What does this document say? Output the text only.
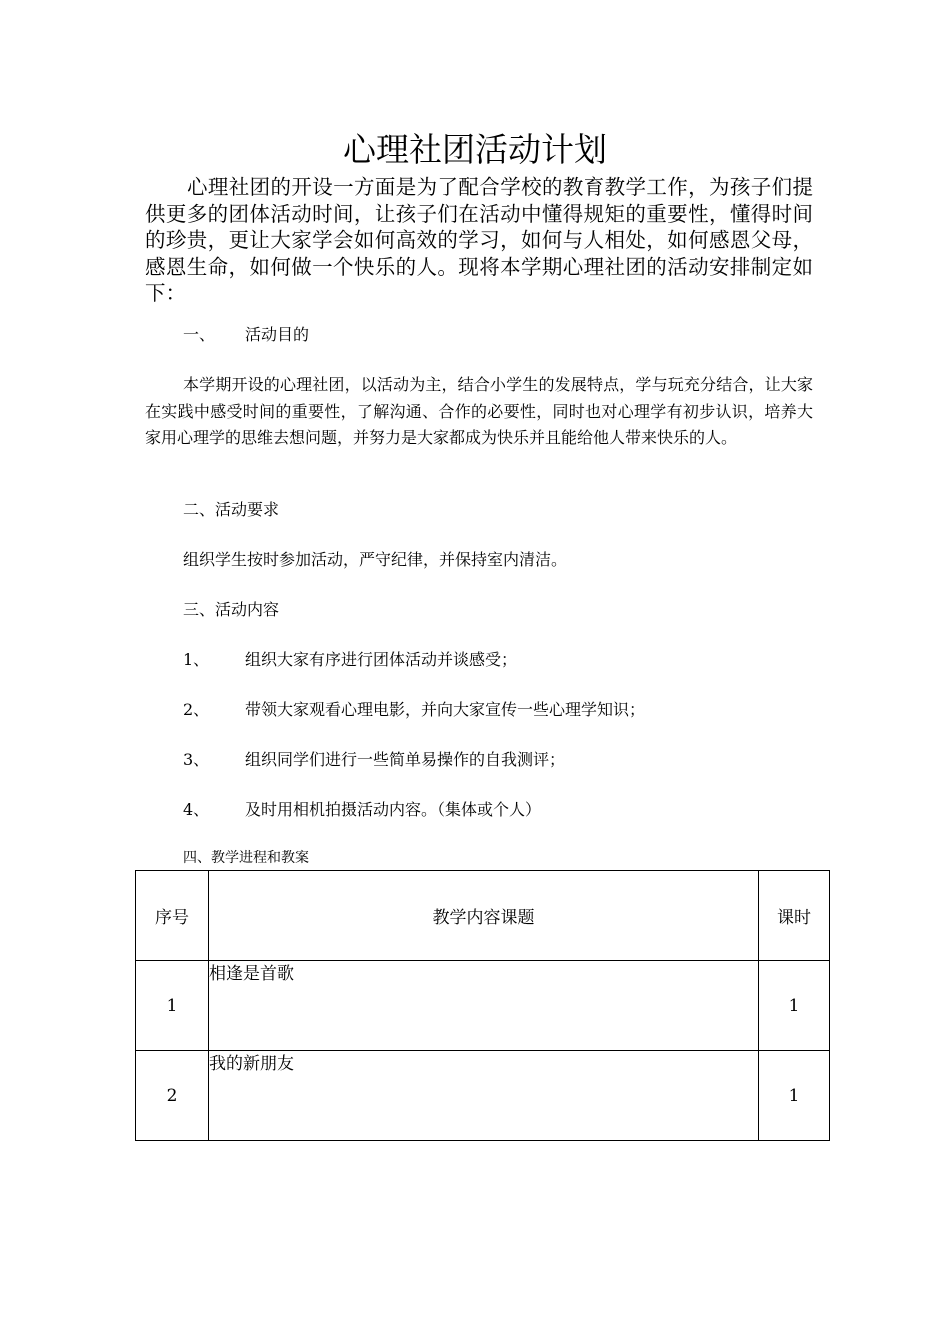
心理社团活动计划

心理社团的开设一方面是为了配合学校的教育教学工作，为孩子们提供更多的团体活动时间，让孩子们在活动中懂得规矩的重要性，懂得时间的珍贵，更让大家学会如何高效的学习，如何与人相处，如何感恩父母，感恩生命，如何做一个快乐的人。现将本学期心理社团的活动安排制定如下：

一、 活动目的

本学期开设的心理社团，以活动为主，结合小学生的发展特点，学与玩充分结合，让大家在实践中感受时间的重要性，了解沟通、合作的必要性，同时也对心理学有初步认识，培养大家用心理学的思维去想问题，并努力是大家都成为快乐并且能给他人带来快乐的人。

二、活动要求

组织学生按时参加活动，严守纪律，并保持室内清洁。

三、活动内容

1、 组织大家有序进行团体活动并谈感受；

2、 带领大家观看心理电影，并向大家宣传一些心理学知识；

3、 组织同学们进行一些简单易操作的自我测评；

4、 及时用相机拍摄活动内容。（集体或个人）

四、教学进程和教案

序号	教学内容课题	课时
1	相逢是首歌	1
2	我的新朋友	1
